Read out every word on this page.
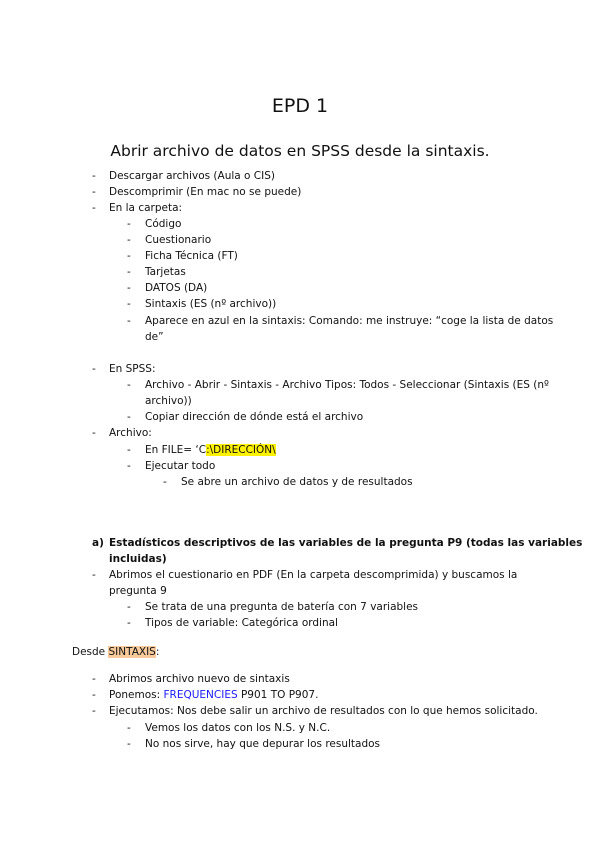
EPD 1
Abrir archivo de datos en SPSS desde la sintaxis.
-	Descargar archivos (Aula o CIS)
-	Descomprimir (En mac no se puede)
-	En la carpeta:
-	Código
-	Cuestionario
-	Ficha Técnica (FT)
-	Tarjetas
-	DATOS (DA)
-	Sintaxis (ES (nº archivo))
-	Aparece en azul en la sintaxis: Comando: me instruye: “coge la lista de datos
de”
-	En SPSS:
-	Archivo - Abrir - Sintaxis - Archivo Tipos: Todos - Seleccionar (Sintaxis (ES (nº
archivo))
-	Copiar dirección de dónde está el archivo
-	Archivo:
-	En FILE= ‘C:\DIRECCIÓN\
-	Ejecutar todo
-	Se abre un archivo de datos y de resultados
a) Estadísticos descriptivos de las variables de la pregunta P9 (todas las variables
incluidas)
-	Abrimos el cuestionario en PDF (En la carpeta descomprimida) y buscamos la
pregunta 9
-	Se trata de una pregunta de batería con 7 variables
-	Tipos de variable: Categórica ordinal
Desde SINTAXIS:
-	Abrimos archivo nuevo de sintaxis
-	Ponemos: FREQUENCIES P901 TO P907.
-	Ejecutamos: Nos debe salir un archivo de resultados con lo que hemos solicitado.
-	Vemos los datos con los N.S. y N.C.
-	No nos sirve, hay que depurar los resultados
